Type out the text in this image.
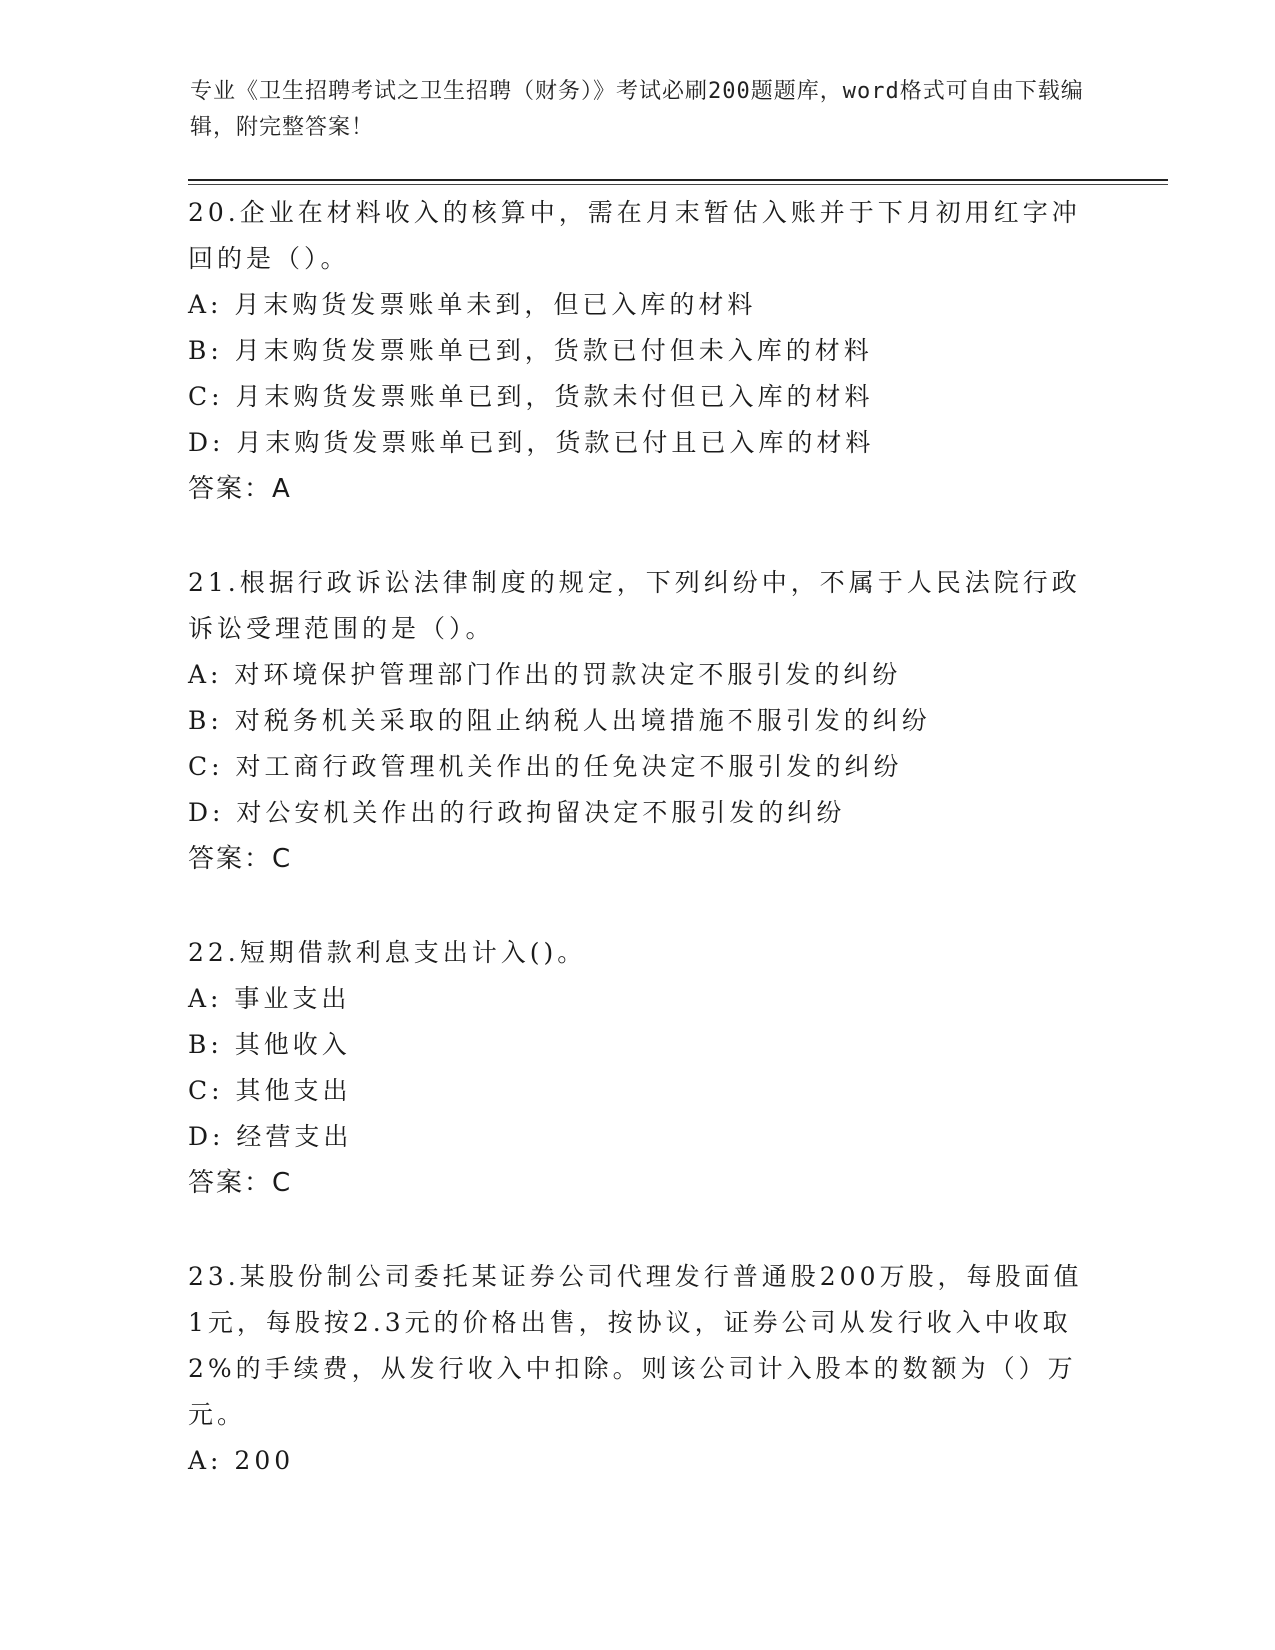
专业《卫生招聘考试之卫生招聘（财务）》考试必刷200题题库，word格式可自由下载编辑，附完整答案！

20.企业在材料收入的核算中，需在月末暂估入账并于下月初用红字冲回的是（）。

A: 月末购货发票账单未到，但已入库的材料

B: 月末购货发票账单已到，货款已付但未入库的材料

C: 月末购货发票账单已到，货款未付但已入库的材料

D: 月末购货发票账单已到，货款已付且已入库的材料

答案：A

21.根据行政诉讼法律制度的规定，下列纠纷中，不属于人民法院行政诉讼受理范围的是（）。

A: 对环境保护管理部门作出的罚款决定不服引发的纠纷

B: 对税务机关采取的阻止纳税人出境措施不服引发的纠纷

C: 对工商行政管理机关作出的任免决定不服引发的纠纷

D: 对公安机关作出的行政拘留决定不服引发的纠纷

答案：C

22.短期借款利息支出计入()。

A: 事业支出

B: 其他收入

C: 其他支出

D: 经营支出

答案：C

23.某股份制公司委托某证券公司代理发行普通股200万股，每股面值1元，每股按2.3元的价格出售，按协议，证券公司从发行收入中收取2%的手续费，从发行收入中扣除。则该公司计入股本的数额为（）万元。

A: 200
